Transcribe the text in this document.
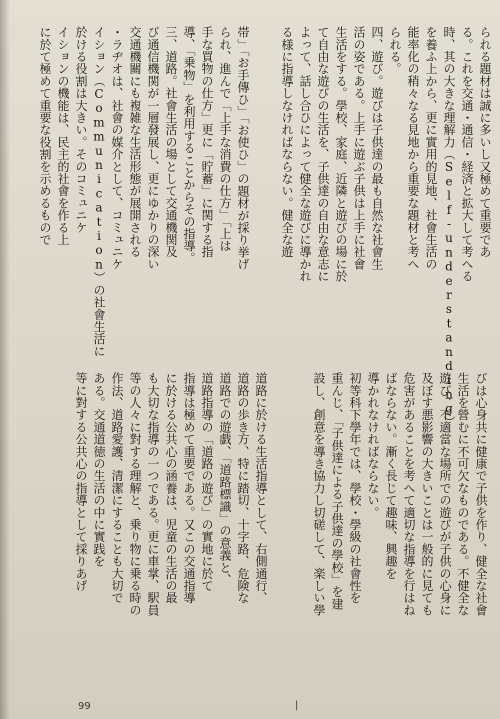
られる題材は誠に多いし又極めて重要であ
る。これを交通・通信・経済と拡大して考へる
時、其の大きな理解力（Self-understanding）
を養ふ上から、更に實用的見地、社會生活の
能率化の稍々なる見地から重要な題材と考へ
られる。
四、遊び。遊びは子供達の最も自然な社會生
活の姿である。上手に遊ぶ子供は上手に社會
生活をする。學校、家庭、近隣と遊びの場に於
て自由な遊びの生活を、子供達の自由な意志に
よって、話し合ひによって健全な遊びに導かれ
る様に指導しなければならない。健全な遊
帯」「お手傳ひ」「お使ひ」の題材が採り挙げ
られ、進んで「上手な消費の仕方」「上は
手な買物の仕方」更に「貯蓄」に関する指
導、「乗物」を利用することからその指導。
三、道路。社會生活の場として交通機関及
び通信機関が一層發展し、更にゆかりの深い
交通機關にも複雑な生活形態が展開される
・ラヂオは、社會の媒介として、コミュニケ
イション（Communication）の社會生活に
於ける役割は大きい。そのコミュニケ
イションの機能は、民主的社會を作る上
に於て極めて重要な役割を示めるもので
びは心身共に健康で子供を作り、健全な社會
生活を營むに不可欠なものである。不健全な
遊び、不適當な場所での遊びが子供の心身に
及ぼす悪影響の大きいことは一般的に見ても
危害があることを考へて適切な指導を行はね
ばならない。漸く長じて趣味、興趣を
導かれなければならない。
初等科下學年では、學校・學級の社會性を
重んじ、「子供達による子供達の學校」を建
設し、創意を導き協力し切磋して、楽しい學
道路に於ける生活指導として、右側通行、
道路の歩き方、特に踏切、十字路、危険な
道路での遊戯、「道路標識」の意義と、
道路指導の「道路の遊び」の實地に於て
指導は極めて重要である。又この交通指導
に於ける公共心の涵養は、児童の生活の最
も大切な指導の一つである。更に車掌、駅員
等の人々に對する理解と、乗り物に乗る時の
作法、道路愛護、清潔にすることも大切で
ある。交通道徳の生活の中に實践を
等に對する公共心の指導として採りあげ
99	|
